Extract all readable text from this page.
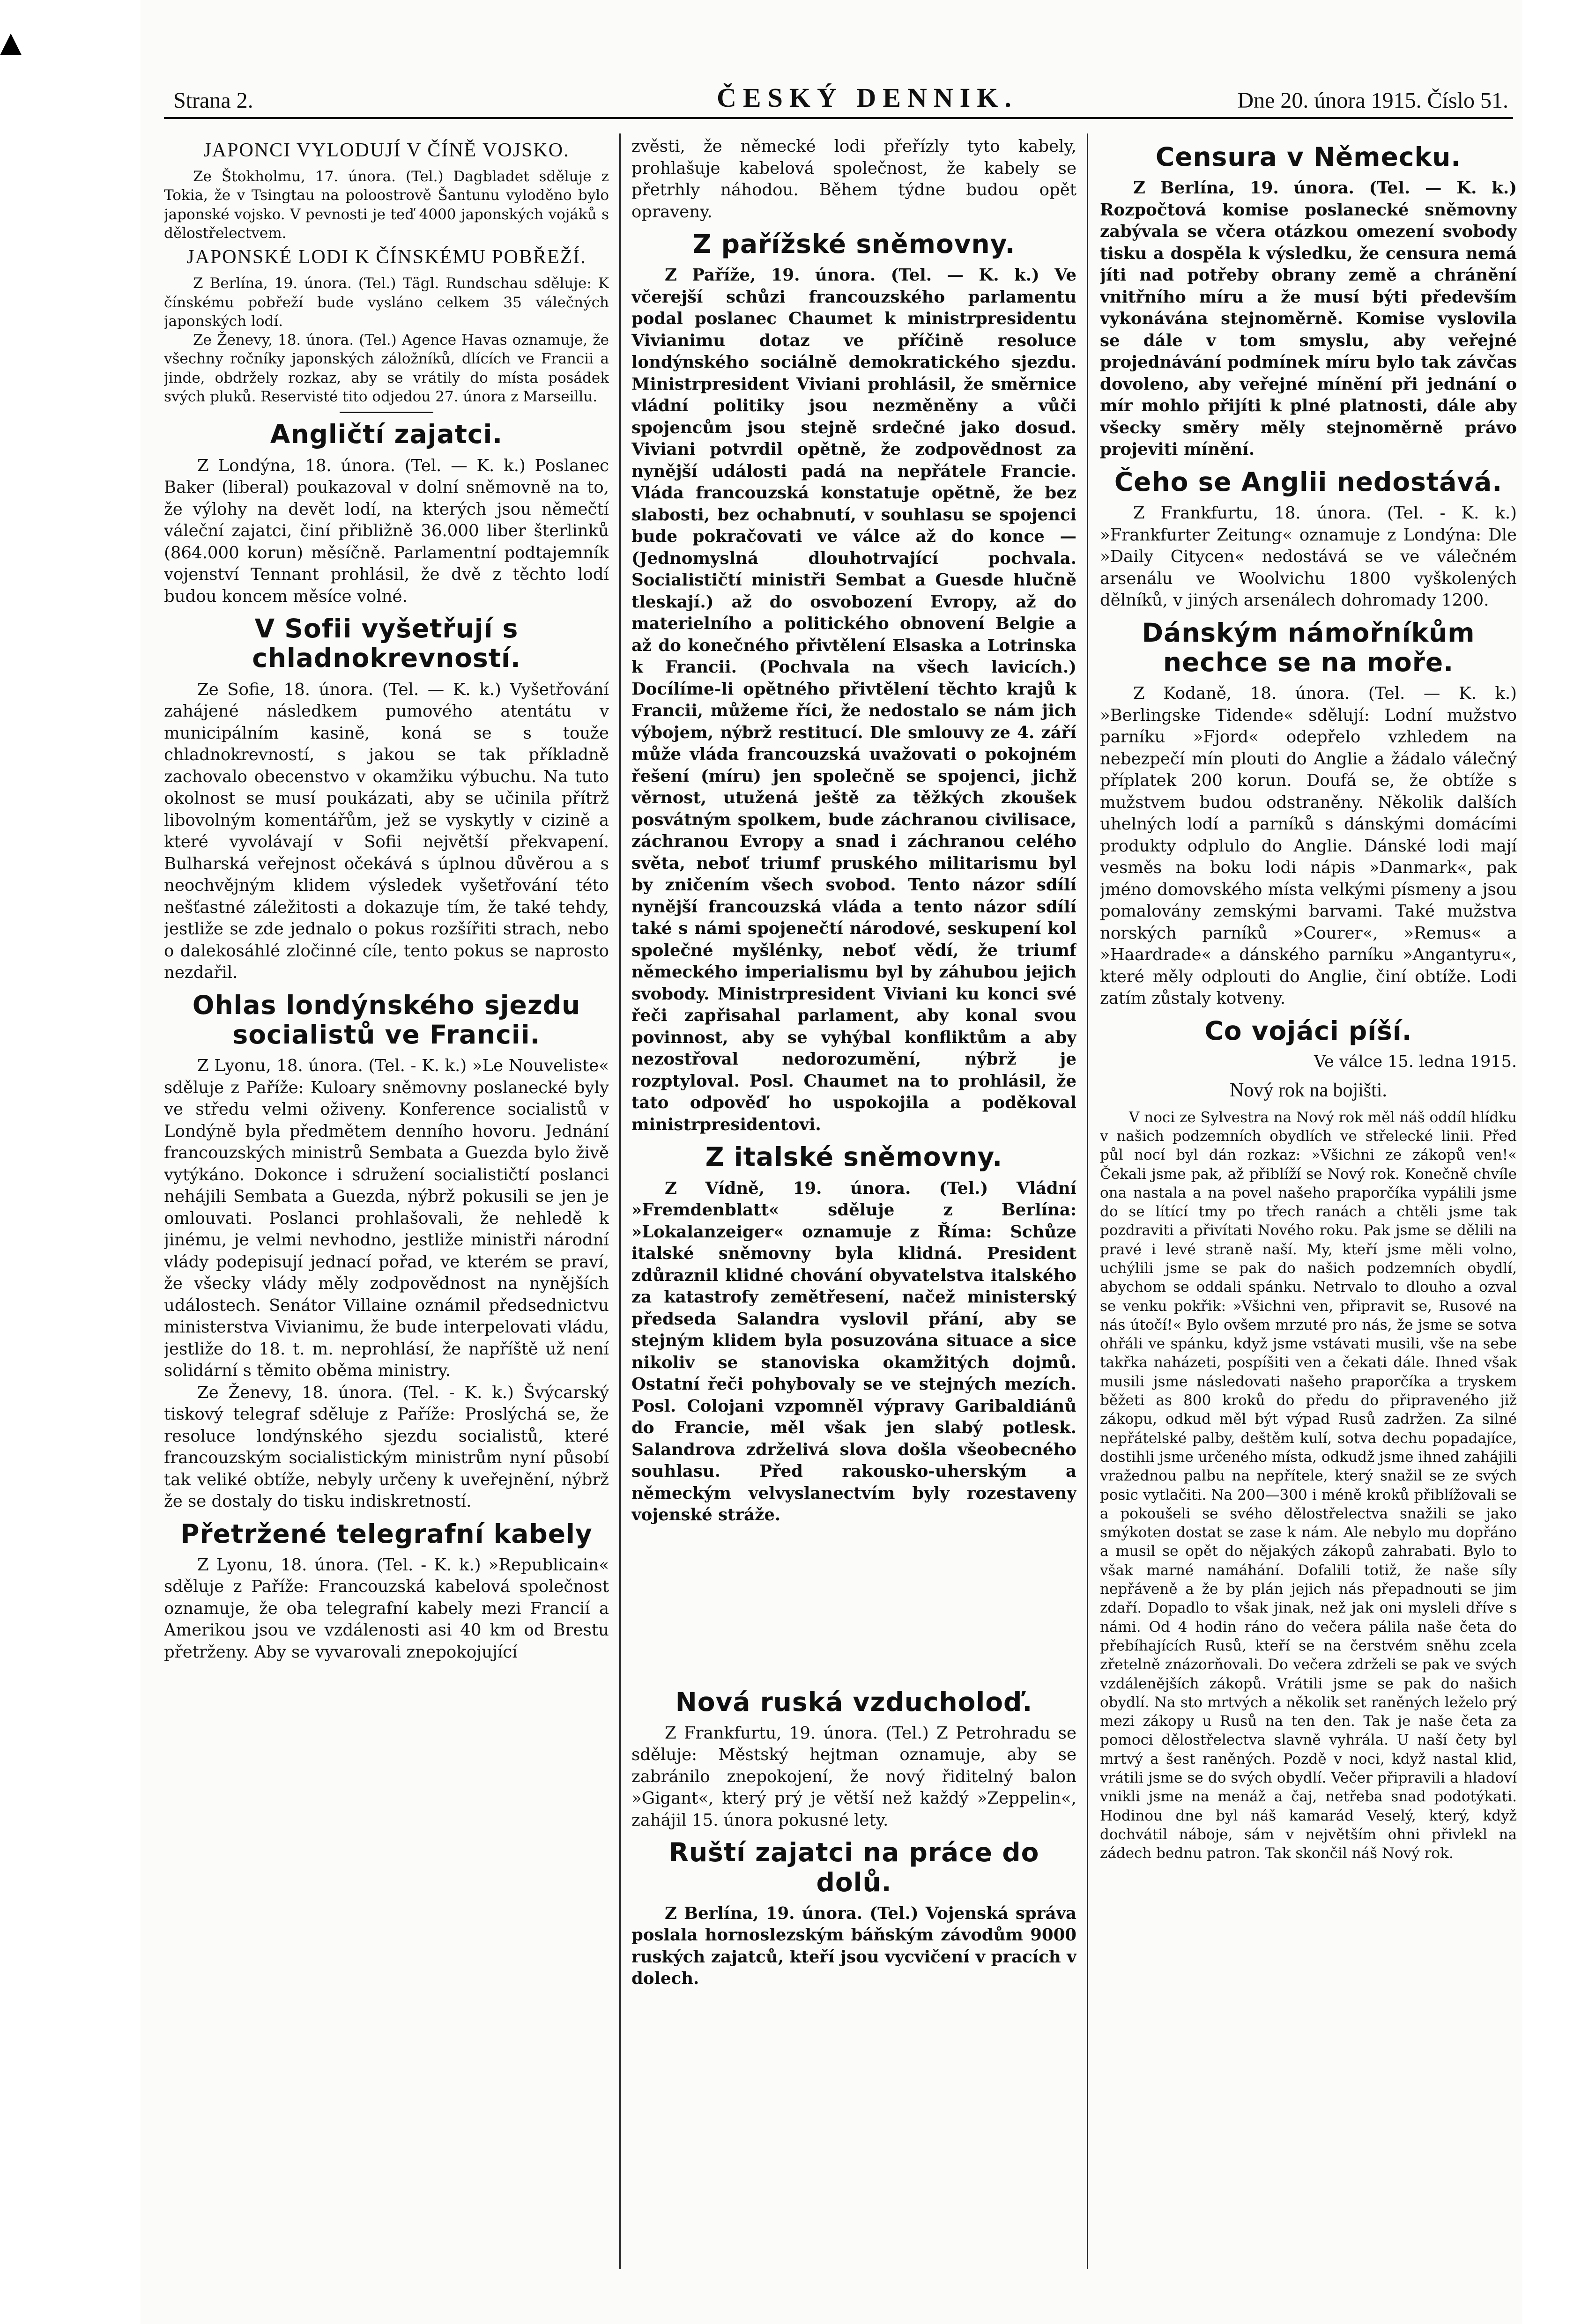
▲
Strana 2.	ČESKÝ DENNIK.	Dne 20. února 1915. Číslo 51.
JAPONCI VYLODUJÍ V ČÍNĚ VOJSKO.

Ze Štokholmu, 17. února. (Tel.) Dagbladet sděluje z Tokia, že v Tsingtau na poloostrově Šantunu vyloděno bylo japonské vojsko. V pevnosti je teď 4000 japonských vojáků s dělostřelectvem.

JAPONSKÉ LODI K ČÍNSKÉMU POBŘEŽÍ.

Z Berlína, 19. února. (Tel.) Tägl. Rundschau sděluje: K čínskému pobřeží bude vysláno celkem 35 válečných japonských lodí.

Ze Ženevy, 18. února. (Tel.) Agence Havas oznamuje, že všechny ročníky japonských záložníků, dlících ve Francii a jinde, obdržely rozkaz, aby se vrátily do místa posádek svých pluků. Reservisté tito odjedou 27. února z Marseillu.

Angličtí zajatci.

Z Londýna, 18. února. (Tel. — K. k.) Poslanec Baker (liberal) poukazoval v dolní sněmovně na to, že výlohy na devět lodí, na kterých jsou němečtí váleční zajatci, činí přibližně 36.000 liber šterlinků (864.000 korun) měsíčně. Parlamentní podtajemník vojenství Tennant prohlásil, že dvě z těchto lodí budou koncem měsíce volné.

V Sofii vyšetřují s chladnokrevností.

Ze Sofie, 18. února. (Tel. — K. k.) Vyšetřování zahájené následkem pumového atentátu v municipálním kasině, koná se s touže chladnokrevností, s jakou se tak příkladně zachovalo obecenstvo v okamžiku výbuchu. Na tuto okolnost se musí poukázati, aby se učinila přítrž libovolným komentářům, jež se vyskytly v cizině a které vyvolávají v Sofii největší překvapení. Bulharská veřejnost očekává s úplnou důvěrou a s neochvějným klidem výsledek vyšetřování této nešťastné záležitosti a dokazuje tím, že také tehdy, jestliže se zde jednalo o pokus rozšířiti strach, nebo o dalekosáhlé zločinné cíle, tento pokus se naprosto nezdařil.

Ohlas londýnského sjezdu socialistů ve Francii.

Z Lyonu, 18. února. (Tel. - K. k.) »Le Nouveliste« sděluje z Paříže: Kuloary sněmovny poslanecké byly ve středu velmi oživeny. Konference socialistů v Londýně byla předmětem denního hovoru. Jednání francouzských ministrů Sembata a Guezda bylo živě vytýkáno. Dokonce i sdružení socialističtí poslanci nehájili Sembata a Guezda, nýbrž pokusili se jen je omlouvati. Poslanci prohlašovali, že nehledě k jinému, je velmi nevhodno, jestliže ministři národní vlády podepisují jednací pořad, ve kterém se praví, že všecky vlády měly zodpovědnost na nynějších událostech. Senátor Villaine oznámil předsednictvu ministerstva Vivianimu, že bude interpelovati vládu, jestliže do 18. t. m. neprohlásí, že napříště už není solidární s těmito oběma ministry.

Ze Ženevy, 18. února. (Tel. - K. k.) Švýcarský tiskový telegraf sděluje z Paříže: Proslýchá se, že resoluce londýnského sjezdu socialistů, které francouzským socialistickým ministrům nyní působí tak veliké obtíže, nebyly určeny k uveřejnění, nýbrž že se dostaly do tisku indiskretností.

Přetržené telegrafní kabely

Z Lyonu, 18. února. (Tel. - K. k.) »Republicain« sděluje z Paříže: Francouzská kabelová společnost oznamuje, že oba telegrafní kabely mezi Francií a Amerikou jsou ve vzdálenosti asi 40 km od Brestu přetrženy. Aby se vyvarovali znepokojující

zvěsti, že německé lodi přeřízly tyto kabely, prohlašuje kabelová společnost, že kabely se přetrhly náhodou. Během týdne budou opět opraveny.

Z pařížské sněmovny.

Z Paříže, 19. února. (Tel. — K. k.) Ve včerejší schůzi francouzského parlamentu podal poslanec Chaumet k ministrpresidentu Vivianimu dotaz ve příčině resoluce londýnského sociálně demokratického sjezdu. Ministrpresident Viviani prohlásil, že směrnice vládní politiky jsou nezměněny a vůči spojencům jsou stejně srdečné jako dosud. Viviani potvrdil opětně, že zodpovědnost za nynější události padá na nepřátele Francie. Vláda francouzská konstatuje opětně, že bez slabosti, bez ochabnutí, v souhlasu se spojenci bude pokračovati ve válce až do konce — (Jednomyslná dlouhotrvající pochvala. Socialističtí ministři Sembat a Guesde hlučně tleskají.) až do osvobození Evropy, až do materielního a politického obnovení Belgie a až do konečného přivtělení Elsaska a Lotrinska k Francii. (Pochvala na všech lavicích.) Docílíme-li opětného přivtělení těchto krajů k Francii, můžeme říci, že nedostalo se nám jich výbojem, nýbrž restitucí. Dle smlouvy ze 4. září může vláda francouzská uvažovati o pokojném řešení (míru) jen společně se spojenci, jichž věrnost, utužená ještě za těžkých zkoušek posvátným spolkem, bude záchranou civilisace, záchranou Evropy a snad i záchranou celého světa, neboť triumf pruského militarismu byl by zničením všech svobod. Tento názor sdílí nynější francouzská vláda a tento názor sdílí také s námi spojenečtí národové, seskupení kol společné myšlénky, neboť vědí, že triumf německého imperialismu byl by záhubou jejich svobody. Ministrpresident Viviani ku konci své řeči zapřisahal parlament, aby konal svou povinnost, aby se vyhýbal konfliktům a aby nezostřoval nedorozumění, nýbrž je rozptyloval. Posl. Chaumet na to prohlásil, že tato odpověď ho uspokojila a poděkoval ministrpresidentovi.

Z italské sněmovny.

Z Vídně, 19. února. (Tel.) Vládní »Fremdenblatt« sděluje z Berlína: »Lokalanzeiger« oznamuje z Říma: Schůze italské sněmovny byla klidná. President zdůraznil klidné chování obyvatelstva italského za katastrofy zemětřesení, načež ministerský předseda Salandra vyslovil přání, aby se stejným klidem byla posuzována situace a sice nikoliv se stanoviska okamžitých dojmů. Ostatní řeči pohybovaly se ve stejných mezích. Posl. Colojani vzpomněl výpravy Garibaldiánů do Francie, měl však jen slabý potlesk. Salandrova zdrželivá slova došla všeobecného souhlasu. Před rakousko-uherským a německým velvyslanectvím byly rozestaveny vojenské stráže.

Nová ruská vzducholoď.

Z Frankfurtu, 19. února. (Tel.) Z Petrohradu se sděluje: Městský hejtman oznamuje, aby se zabránilo znepokojení, že nový řiditelný balon »Gigant«, který prý je větší než každý »Zeppelin«, zahájil 15. února pokusné lety.

Ruští zajatci na práce do dolů.

Z Berlína, 19. února. (Tel.) Vojenská správa poslala hornoslezským báňským závodům 9000 ruských zajatců, kteří jsou vycvičení v pracích v dolech.

Censura v Německu.

Z Berlína, 19. února. (Tel. — K. k.) Rozpočtová komise poslanecké sněmovny zabývala se včera otázkou omezení svobody tisku a dospěla k výsledku, že censura nemá jíti nad potřeby obrany země a chránění vnitřního míru a že musí býti především vykonávána stejnoměrně. Komise vyslovila se dále v tom smyslu, aby veřejné projednávání podmínek míru bylo tak závčas dovoleno, aby veřejné mínění při jednání o mír mohlo přijíti k plné platnosti, dále aby všecky směry měly stejnoměrně právo projeviti mínění.

Čeho se Anglii nedostává.

Z Frankfurtu, 18. února. (Tel. - K. k.) »Frankfurter Zeitung« oznamuje z Londýna: Dle »Daily Citycen« nedostává se ve válečném arsenálu ve Woolvichu 1800 vyškolených dělníků, v jiných arsenálech dohromady 1200.

Dánským námořníkům nechce se na moře.

Z Kodaně, 18. února. (Tel. — K. k.) »Berlingske Tidende« sdělují: Lodní mužstvo parníku »Fjord« odepřelo vzhledem na nebezpečí mín plouti do Anglie a žádalo válečný příplatek 200 korun. Doufá se, že obtíže s mužstvem budou odstraněny. Několik dalších uhelných lodí a parníků s dánskými domácími produkty odplulo do Anglie. Dánské lodi mají vesměs na boku lodi nápis »Danmark«, pak jméno domovského místa velkými písmeny a jsou pomalovány zemskými barvami. Také mužstva norských parníků »Courer«, »Remus« a »Haardrade« a dánského parníku »Angantyru«, které měly odplouti do Anglie, činí obtíže. Lodi zatím zůstaly kotveny.

Co vojáci píší.
Ve válce 15. ledna 1915.
Nový rok na bojišti.

V noci ze Sylvestra na Nový rok měl náš oddíl hlídku v našich podzemních obydlích ve střelecké linii. Před půl nocí byl dán rozkaz: »Všichni ze zákopů ven!« Čekali jsme pak, až přiblíží se Nový rok. Konečně chvíle ona nastala a na povel našeho praporčíka vypálili jsme do se lítící tmy po třech ranách a chtěli jsme tak pozdraviti a přivítati Nového roku. Pak jsme se dělili na pravé i levé straně naší. My, kteří jsme měli volno, uchýlili jsme se pak do našich podzemních obydlí, abychom se oddali spánku. Netrvalo to dlouho a ozval se venku pokřik: »Všichni ven, připravit se, Rusové na nás útočí!« Bylo ovšem mrzuté pro nás, že jsme se sotva ohřáli ve spánku, když jsme vstávati musili, vše na sebe takřka naházeti, pospíšiti ven a čekati dále. Ihned však musili jsme následovati našeho praporčíka a tryskem běžeti as 800 kroků do předu do připraveného již zákopu, odkud měl být výpad Rusů zadržen. Za silné nepřátelské palby, deštěm kulí, sotva dechu popadajíce, dostihli jsme určeného místa, odkudž jsme ihned zahájili vražednou palbu na nepřítele, který snažil se ze svých posic vytlačiti. Na 200—300 i méně kroků přiblížovali se a pokoušeli se svého dělostřelectva snažili se jako smýkoten dostat se zase k nám. Ale nebylo mu dopřáno a musil se opět do nějakých zákopů zahrabati. Bylo to však marné namáhání. Dofalili totiž, že naše síly nepřáveně a že by plán jejich nás přepadnouti se jim zdaří. Dopadlo to však jinak, než jak oni mysleli dříve s námi. Od 4 hodin ráno do večera pálila naše četa do přebíhajících Rusů, kteří se na čerstvém sněhu zcela zřetelně znázorňovali. Do večera zdrželi se pak ve svých vzdálenějších zákopů. Vrátili jsme se pak do našich obydlí. Na sto mrtvých a několik set raněných leželo prý mezi zákopy u Rusů na ten den. Tak je naše četa za pomoci dělostřelectva slavně vyhrála. U naší čety byl mrtvý a šest raněných. Pozdě v noci, když nastal klid, vrátili jsme se do svých obydlí. Večer připravili a hladoví vnikli jsme na menáž a čaj, netřeba snad podotýkati. Hodinou dne byl náš kamarád Veselý, který, když dochvátil náboje, sám v největším ohni přivlekl na zádech bednu patron. Tak skončil náš Nový rok.
